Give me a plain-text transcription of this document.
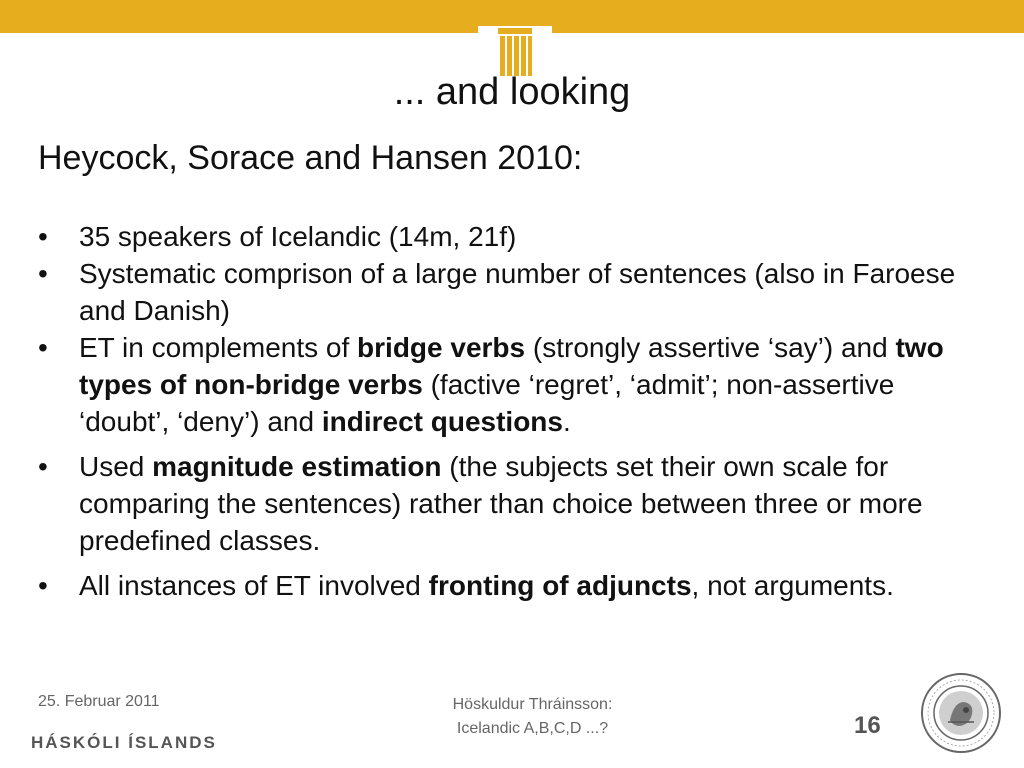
... and looking
Heycock, Sorace and Hansen 2010:
•	35 speakers of Icelandic (14m, 21f)
•	Systematic comprison of a large number of sentences (also in Faroese and Danish)
•	ET in complements of bridge verbs (strongly assertive ‘say’) and two types of non-bridge verbs (factive ‘regret’, ‘admit’; non-assertive ‘doubt’, ‘deny’) and indirect questions.
•	Used magnitude estimation (the subjects set their own scale for comparing the sentences) rather than choice between three or more predefined classes.
•	All instances of ET involved fronting of adjuncts, not arguments.
25. Februar 2011	Höskuldur Thráinsson:
Icelandic A,B,C,D ...?	16
HÁSKÓLI ÍSLANDS
